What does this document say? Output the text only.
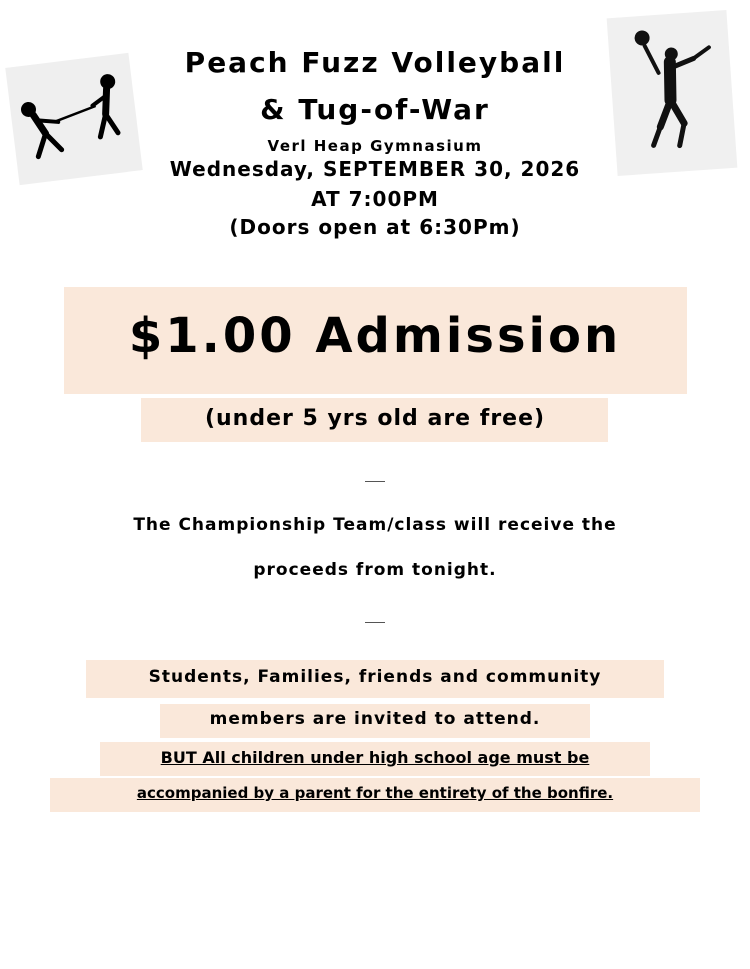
Peach Fuzz Volleyball
& Tug-of-War
Verl Heap Gymnasium
Wednesday, SEPTEMBER 30, 2026
AT 7:00PM
(Doors open at 6:30Pm)
$1.00 Admission
(under 5 yrs old are free)
The Championship Team/class will receive the
proceeds from tonight.
Students, Families, friends and community
members are invited to attend.
BUT All children under high school age must be
accompanied by a parent for the entirety of the bonfire.
